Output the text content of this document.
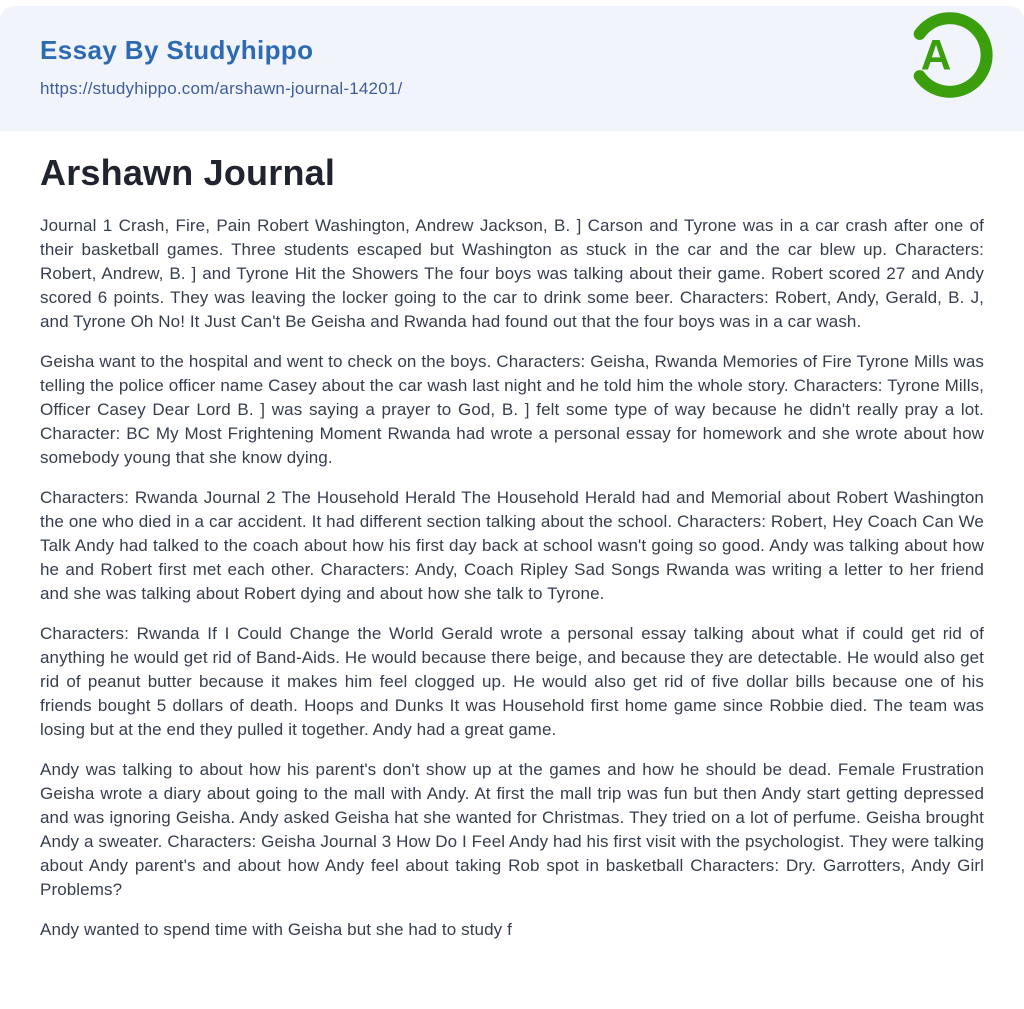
Essay By Studyhippo
https://studyhippo.com/arshawn-journal-14201/
A
Arshawn Journal

Journal 1 Crash, Fire, Pain Robert Washington, Andrew Jackson, B. ] Carson and Tyrone was in a car crash after one of their basketball games. Three students escaped but Washington as stuck in the car and the car blew up. Characters: Robert, Andrew, B. ] and Tyrone Hit the Showers The four boys was talking about their game. Robert scored 27 and Andy scored 6 points. They was leaving the locker going to the car to drink some beer. Characters: Robert, Andy, Gerald, B. J, and Tyrone Oh No! It Just Can't Be Geisha and Rwanda had found out that the four boys was in a car wash.

Geisha want to the hospital and went to check on the boys. Characters: Geisha, Rwanda Memories of Fire Tyrone Mills was telling the police officer name Casey about the car wash last night and he told him the whole story. Characters: Tyrone Mills, Officer Casey Dear Lord B. ] was saying a prayer to God, B. ] felt some type of way because he didn't really pray a lot. Character: BC My Most Frightening Moment Rwanda had wrote a personal essay for homework and she wrote about how somebody young that she know dying.

Characters: Rwanda Journal 2 The Household Herald The Household Herald had and Memorial about Robert Washington the one who died in a car accident. It had different section talking about the school. Characters: Robert, Hey Coach Can We Talk Andy had talked to the coach about how his first day back at school wasn't going so good. Andy was talking about how he and Robert first met each other. Characters: Andy, Coach Ripley Sad Songs Rwanda was writing a letter to her friend and she was talking about Robert dying and about how she talk to Tyrone.

Characters: Rwanda If I Could Change the World Gerald wrote a personal essay talking about what if could get rid of anything he would get rid of Band-Aids. He would because there beige, and because they are detectable. He would also get rid of peanut butter because it makes him feel clogged up. He would also get rid of five dollar bills because one of his friends bought 5 dollars of death. Hoops and Dunks It was Household first home game since Robbie died. The team was losing but at the end they pulled it together. Andy had a great game.

Andy was talking to about how his parent's don't show up at the games and how he should be dead. Female Frustration Geisha wrote a diary about going to the mall with Andy. At first the mall trip was fun but then Andy start getting depressed and was ignoring Geisha. Andy asked Geisha hat she wanted for Christmas. They tried on a lot of perfume. Geisha brought Andy a sweater. Characters: Geisha Journal 3 How Do I Feel Andy had his first visit with the psychologist. They were talking about Andy parent's and about how Andy feel about taking Rob spot in basketball Characters: Dry. Garrotters, Andy Girl Problems?

Andy wanted to spend time with Geisha but she had to study f
